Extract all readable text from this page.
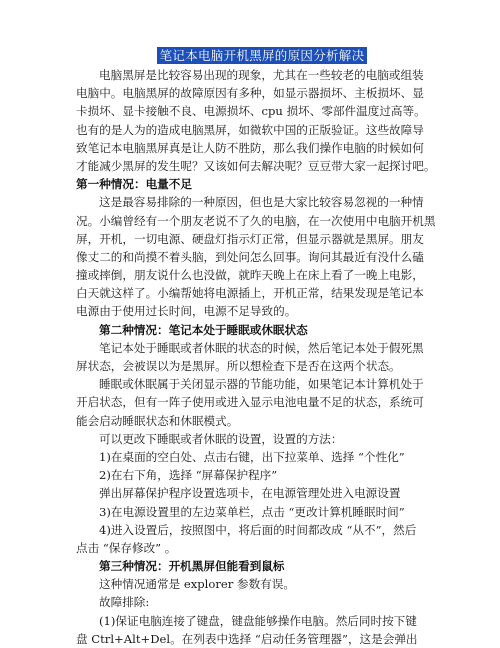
笔记本电脑开机黑屏的原因分析解决
电脑黑屏是比较容易出现的现象，尤其在一些较老的电脑或组装
电脑中。电脑黑屏的故障原因有多种，如显示器损坏、主板损坏、显
卡损坏、显卡接触不良、电源损坏、cpu 损坏、零部件温度过高等。
也有的是人为的造成电脑黑屏，如微软中国的正版验证。这些故障导
致笔记本电脑黑屏真是让人防不胜防，那么我们操作电脑的时候如何
才能减少黑屏的发生呢？又该如何去解决呢？豆豆带大家一起探讨吧。
第一种情况：电量不足
这是最容易排除的一种原因，但也是大家比较容易忽视的一种情
况。小编曾经有一个朋友老说不了久的电脑，在一次使用中电脑开机黑
屏，开机，一切电源、硬盘灯指示灯正常，但显示器就是黑屏。朋友
像丈二的和尚摸不着头脑，到处问怎么回事。询问其最近有没什么磕
撞或摔倒，朋友说什么也没做，就昨天晚上在床上看了一晚上电影，
白天就这样了。小编帮她将电源插上，开机正常，结果发现是笔记本
电源由于使用过长时间，电源不足导致的。
第二种情况：笔记本处于睡眠或休眠状态
笔记本处于睡眠或者休眠的状态的时候，然后笔记本处于假死黑
屏状态，会被误以为是黑屏。所以想检查下是否在这两个状态。
睡眠或休眠属于关闭显示器的节能功能，如果笔记本计算机处于
开启状态，但有一阵子使用或进入显示电池电量不足的状态，系统可
能会启动睡眠状态和休眠模式。
可以更改下睡眠或者休眠的设置，设置的方法：
1)在桌面的空白处、点击右键，出下拉菜单、选择 “个性化”
2)在右下角，选择 “屏幕保护程序”
弹出屏幕保护程序设置选项卡，在电源管理处进入电源设置
3)在电源设置里的左边菜单栏，点击 “更改计算机睡眠时间”
4)进入设置后，按照图中，将后面的时间都改成 “从不”，然后
点击 “保存修改” 。
第三种情况：开机黑屏但能看到鼠标
这种情况通常是 explorer 参数有误。
故障排除:
(1)保证电脑连接了键盘，键盘能够操作电脑。然后同时按下键
盘 Ctrl+Alt+Del。在列表中选择 “启动任务管理器”，这是会弹出
